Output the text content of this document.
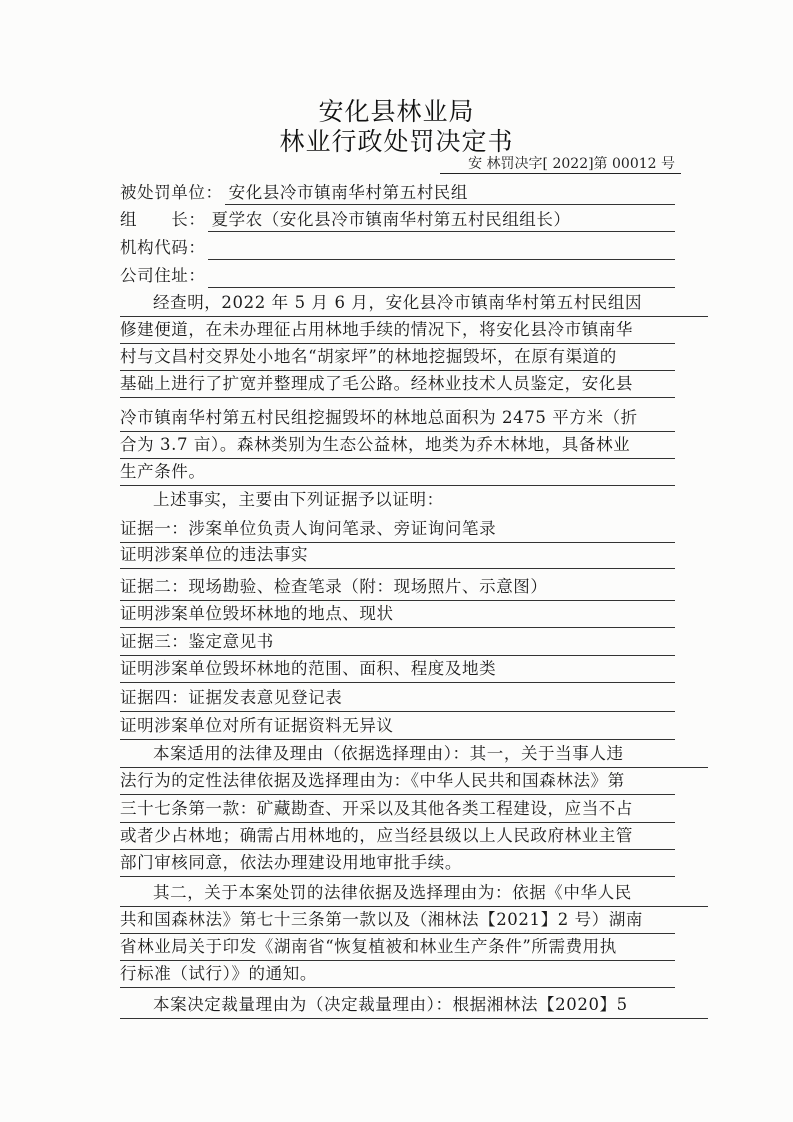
安化县林业局
林业行政处罚决定书
安 林罚决字[ 2022]第 00012 号
被处罚单位： 安化县冷市镇南华村第五村民组
组　　长： 夏学农（安化县冷市镇南华村第五村民组组长）
机构代码：
公司住址：
经查明，2022 年 5 月 6 月，安化县冷市镇南华村第五村民组因
修建便道，在未办理征占用林地手续的情况下，将安化县冷市镇南华
村与文昌村交界处小地名“胡家坪”的林地挖掘毁坏，在原有渠道的
基础上进行了扩宽并整理成了毛公路。经林业技术人员鉴定，安化县
冷市镇南华村第五村民组挖掘毁坏的林地总面积为 2475 平方米（折
合为 3.7 亩）。森林类别为生态公益林，地类为乔木林地，具备林业
生产条件。
上述事实，主要由下列证据予以证明：
证据一：涉案单位负责人询问笔录、旁证询问笔录
证明涉案单位的违法事实
证据二：现场勘验、检查笔录（附：现场照片、示意图）
证明涉案单位毁坏林地的地点、现状
证据三：鉴定意见书
证明涉案单位毁坏林地的范围、面积、程度及地类
证据四：证据发表意见登记表
证明涉案单位对所有证据资料无异议
本案适用的法律及理由（依据选择理由）：其一，关于当事人违
法行为的定性法律依据及选择理由为：《中华人民共和国森林法》第
三十七条第一款：矿藏勘查、开采以及其他各类工程建设，应当不占
或者少占林地；确需占用林地的，应当经县级以上人民政府林业主管
部门审核同意，依法办理建设用地审批手续。
其二，关于本案处罚的法律依据及选择理由为：依据《中华人民
共和国森林法》第七十三条第一款以及（湘林法【2021】2 号）湖南
省林业局关于印发《湖南省“恢复植被和林业生产条件”所需费用执
行标准（试行）》的通知。
本案决定裁量理由为（决定裁量理由）：根据湘林法【2020】5
